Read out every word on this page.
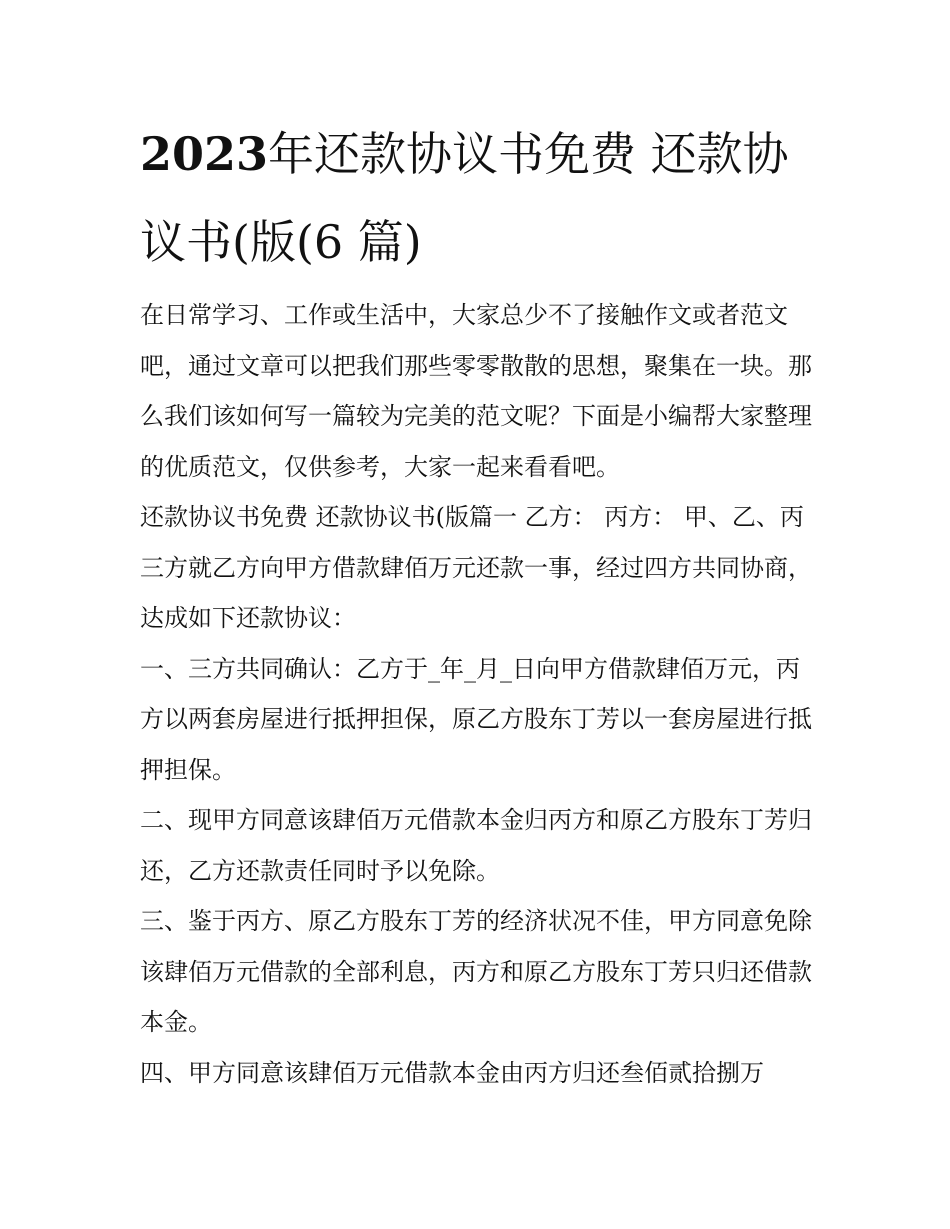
2023年还款协议书免费 还款协议书(版(6 篇)

在日常学习、工作或生活中，大家总少不了接触作文或者范文吧，通过文章可以把我们那些零零散散的思想，聚集在一块。那么我们该如何写一篇较为完美的范文呢？下面是小编帮大家整理的优质范文，仅供参考，大家一起来看看吧。

还款协议书免费 还款协议书(版篇一 乙方： 丙方： 甲、乙、丙三方就乙方向甲方借款肆佰万元还款一事，经过四方共同协商，达成如下还款协议：

一、三方共同确认：乙方于_年_月_日向甲方借款肆佰万元，丙方以两套房屋进行抵押担保，原乙方股东丁芳以一套房屋进行抵押担保。

二、现甲方同意该肆佰万元借款本金归丙方和原乙方股东丁芳归还，乙方还款责任同时予以免除。

三、鉴于丙方、原乙方股东丁芳的经济状况不佳，甲方同意免除该肆佰万元借款的全部利息，丙方和原乙方股东丁芳只归还借款本金。

四、甲方同意该肆佰万元借款本金由丙方归还叁佰贰拾捌万
